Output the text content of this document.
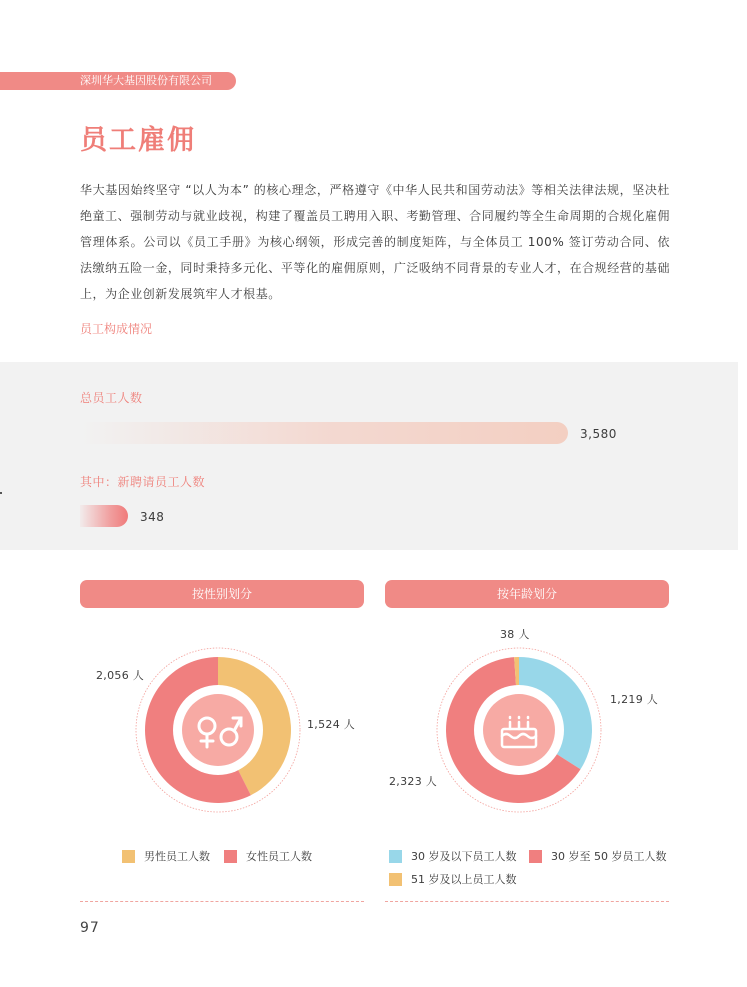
深圳华大基因股份有限公司
员工雇佣

华大基因始终坚守 “以人为本” 的核心理念，严格遵守《中华人民共和国劳动法》等相关法律法规，坚决杜绝童工、强制劳动与就业歧视，构建了覆盖员工聘用入职、考勤管理、合同履约等全生命周期的合规化雇佣管理体系。公司以《员工手册》为核心纲领，形成完善的制度矩阵，与全体员工 100% 签订劳动合同、依法缴纳五险一金，同时秉持多元化、平等化的雇佣原则，广泛吸纳不同背景的专业人才，在合规经营的基础上，为企业创新发展筑牢人才根基。

员工构成情况
总员工人数
3,580
其中：新聘请员工人数
348
按性别划分
2,056 人
1,524 人
男性员工人数	女性员工人数
按年龄划分
38 人
1,219 人
2,323 人
30 岁及以下员工人数	30 岁至 50 岁员工人数
51 岁及以上员工人数
97
